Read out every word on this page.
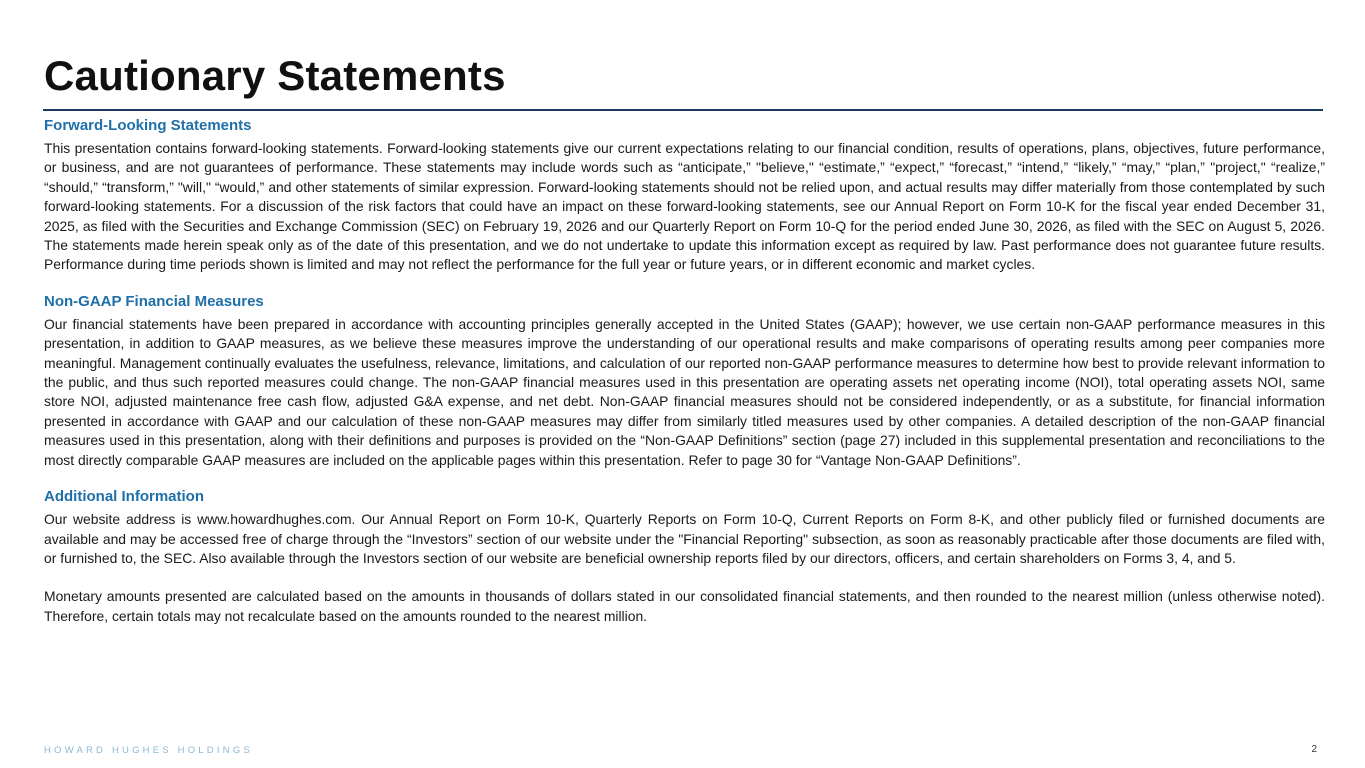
Cautionary Statements
Forward-Looking Statements

This presentation contains forward-looking statements. Forward-looking statements give our current expectations relating to our financial condition, results of operations, plans, objectives, future performance, or business, and are not guarantees of performance. These statements may include words such as “anticipate,” "believe," “estimate,” “expect,” “forecast,” “intend,” “likely,” “may,” “plan,” "project," “realize,” “should,” “transform,” "will," “would,” and other statements of similar expression. Forward-looking statements should not be relied upon, and actual results may differ materially from those contemplated by such forward-looking statements. For a discussion of the risk factors that could have an impact on these forward-looking statements, see our Annual Report on Form 10-K for the fiscal year ended December 31, 2025, as filed with the Securities and Exchange Commission (SEC) on February 19, 2026 and our Quarterly Report on Form 10-Q for the period ended June 30, 2026, as filed with the SEC on August 5, 2026. The statements made herein speak only as of the date of this presentation, and we do not undertake to update this information except as required by law. Past performance does not guarantee future results. Performance during time periods shown is limited and may not reflect the performance for the full year or future years, or in different economic and market cycles.

Non-GAAP Financial Measures

Our financial statements have been prepared in accordance with accounting principles generally accepted in the United States (GAAP); however, we use certain non-GAAP performance measures in this presentation, in addition to GAAP measures, as we believe these measures improve the understanding of our operational results and make comparisons of operating results among peer companies more meaningful. Management continually evaluates the usefulness, relevance, limitations, and calculation of our reported non-GAAP performance measures to determine how best to provide relevant information to the public, and thus such reported measures could change. The non-GAAP financial measures used in this presentation are operating assets net operating income (NOI), total operating assets NOI, same store NOI, adjusted maintenance free cash flow, adjusted G&A expense, and net debt. Non-GAAP financial measures should not be considered independently, or as a substitute, for financial information presented in accordance with GAAP and our calculation of these non-GAAP measures may differ from similarly titled measures used by other companies. A detailed description of the non-GAAP financial measures used in this presentation, along with their definitions and purposes is provided on the “Non-GAAP Definitions” section (page 27) included in this supplemental presentation and reconciliations to the most directly comparable GAAP measures are included on the applicable pages within this presentation. Refer to page 30 for “Vantage Non-GAAP Definitions”.

Additional Information

Our website address is www.howardhughes.com. Our Annual Report on Form 10-K, Quarterly Reports on Form 10-Q, Current Reports on Form 8-K, and other publicly filed or furnished documents are available and may be accessed free of charge through the “Investors” section of our website under the "Financial Reporting" subsection, as soon as reasonably practicable after those documents are filed with, or furnished to, the SEC. Also available through the Investors section of our website are beneficial ownership reports filed by our directors, officers, and certain shareholders on Forms 3, 4, and 5.

Monetary amounts presented are calculated based on the amounts in thousands of dollars stated in our consolidated financial statements, and then rounded to the nearest million (unless otherwise noted). Therefore, certain totals may not recalculate based on the amounts rounded to the nearest million.

HOWARD HUGHES HOLDINGS	2
